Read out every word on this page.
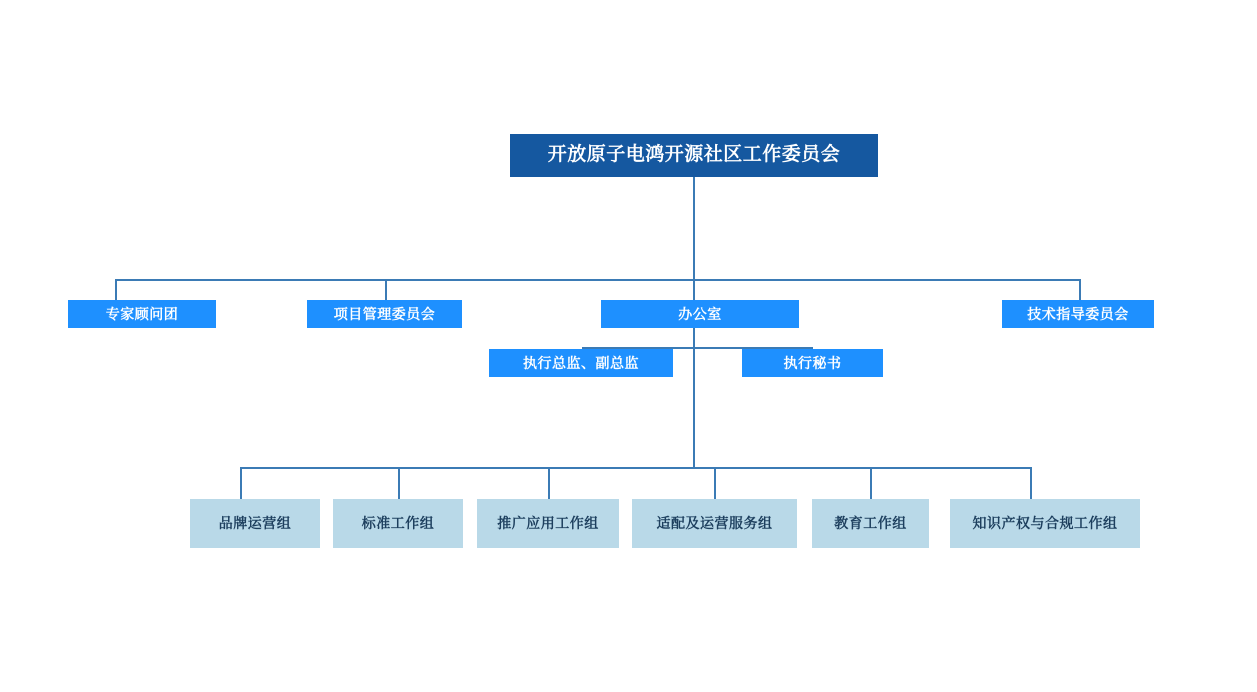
开放原子电鸿开源社区工作委员会
专家顾问团	项目管理委员会	办公室	技术指导委员会
执行总监、副总监	执行秘书
品牌运营组	标准工作组	推广应用工作组	适配及运营服务组	教育工作组	知识产权与合规工作组
